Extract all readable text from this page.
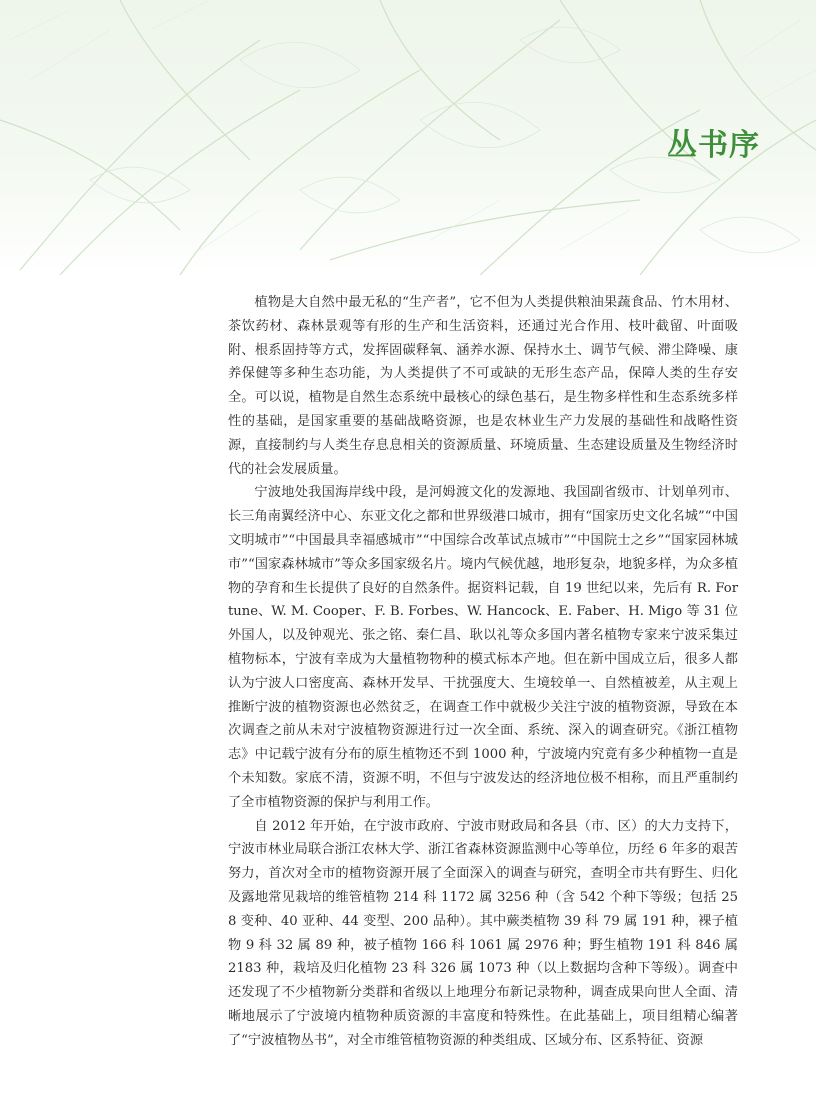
丛书序

植物是大自然中最无私的“生产者”，它不但为人类提供粮油果蔬食品、竹木用材、茶饮药材、森林景观等有形的生产和生活资料，还通过光合作用、枝叶截留、叶面吸附、根系固持等方式，发挥固碳释氧、涵养水源、保持水土、调节气候、滞尘降噪、康养保健等多种生态功能，为人类提供了不可或缺的无形生态产品，保障人类的生存安全。可以说，植物是自然生态系统中最核心的绿色基石，是生物多样性和生态系统多样性的基础，是国家重要的基础战略资源，也是农林业生产力发展的基础性和战略性资源，直接制约与人类生存息息相关的资源质量、环境质量、生态建设质量及生物经济时代的社会发展质量。

宁波地处我国海岸线中段，是河姆渡文化的发源地、我国副省级市、计划单列市、长三角南翼经济中心、东亚文化之都和世界级港口城市，拥有“国家历史文化名城”“中国文明城市”“中国最具幸福感城市”“中国综合改革试点城市”“中国院士之乡”“国家园林城市”“国家森林城市”等众多国家级名片。境内气候优越，地形复杂，地貌多样，为众多植物的孕育和生长提供了良好的自然条件。据资料记载，自 19 世纪以来，先后有 R. Fortune、W. M. Cooper、F. B. Forbes、W. Hancock、E. Faber、H. Migo 等 31 位外国人，以及钟观光、张之铭、秦仁昌、耿以礼等众多国内著名植物专家来宁波采集过植物标本，宁波有幸成为大量植物物种的模式标本产地。但在新中国成立后，很多人都认为宁波人口密度高、森林开发早、干扰强度大、生境较单一、自然植被差，从主观上推断宁波的植物资源也必然贫乏，在调查工作中就极少关注宁波的植物资源，导致在本次调查之前从未对宁波植物资源进行过一次全面、系统、深入的调查研究。《浙江植物志》中记载宁波有分布的原生植物还不到 1000 种，宁波境内究竟有多少种植物一直是个未知数。家底不清，资源不明，不但与宁波发达的经济地位极不相称，而且严重制约了全市植物资源的保护与利用工作。

自 2012 年开始，在宁波市政府、宁波市财政局和各县（市、区）的大力支持下，宁波市林业局联合浙江农林大学、浙江省森林资源监测中心等单位，历经 6 年多的艰苦努力，首次对全市的植物资源开展了全面深入的调查与研究，查明全市共有野生、归化及露地常见栽培的维管植物 214 科 1172 属 3256 种（含 542 个种下等级；包括 258 变种、40 亚种、44 变型、200 品种）。其中蕨类植物 39 科 79 属 191 种，裸子植物 9 科 32 属 89 种，被子植物 166 科 1061 属 2976 种；野生植物 191 科 846 属 2183 种，栽培及归化植物 23 科 326 属 1073 种（以上数据均含种下等级）。调查中还发现了不少植物新分类群和省级以上地理分布新记录物种，调查成果向世人全面、清晰地展示了宁波境内植物种质资源的丰富度和特殊性。在此基础上，项目组精心编著了“宁波植物丛书”，对全市维管植物资源的种类组成、区域分布、区系特征、资源
